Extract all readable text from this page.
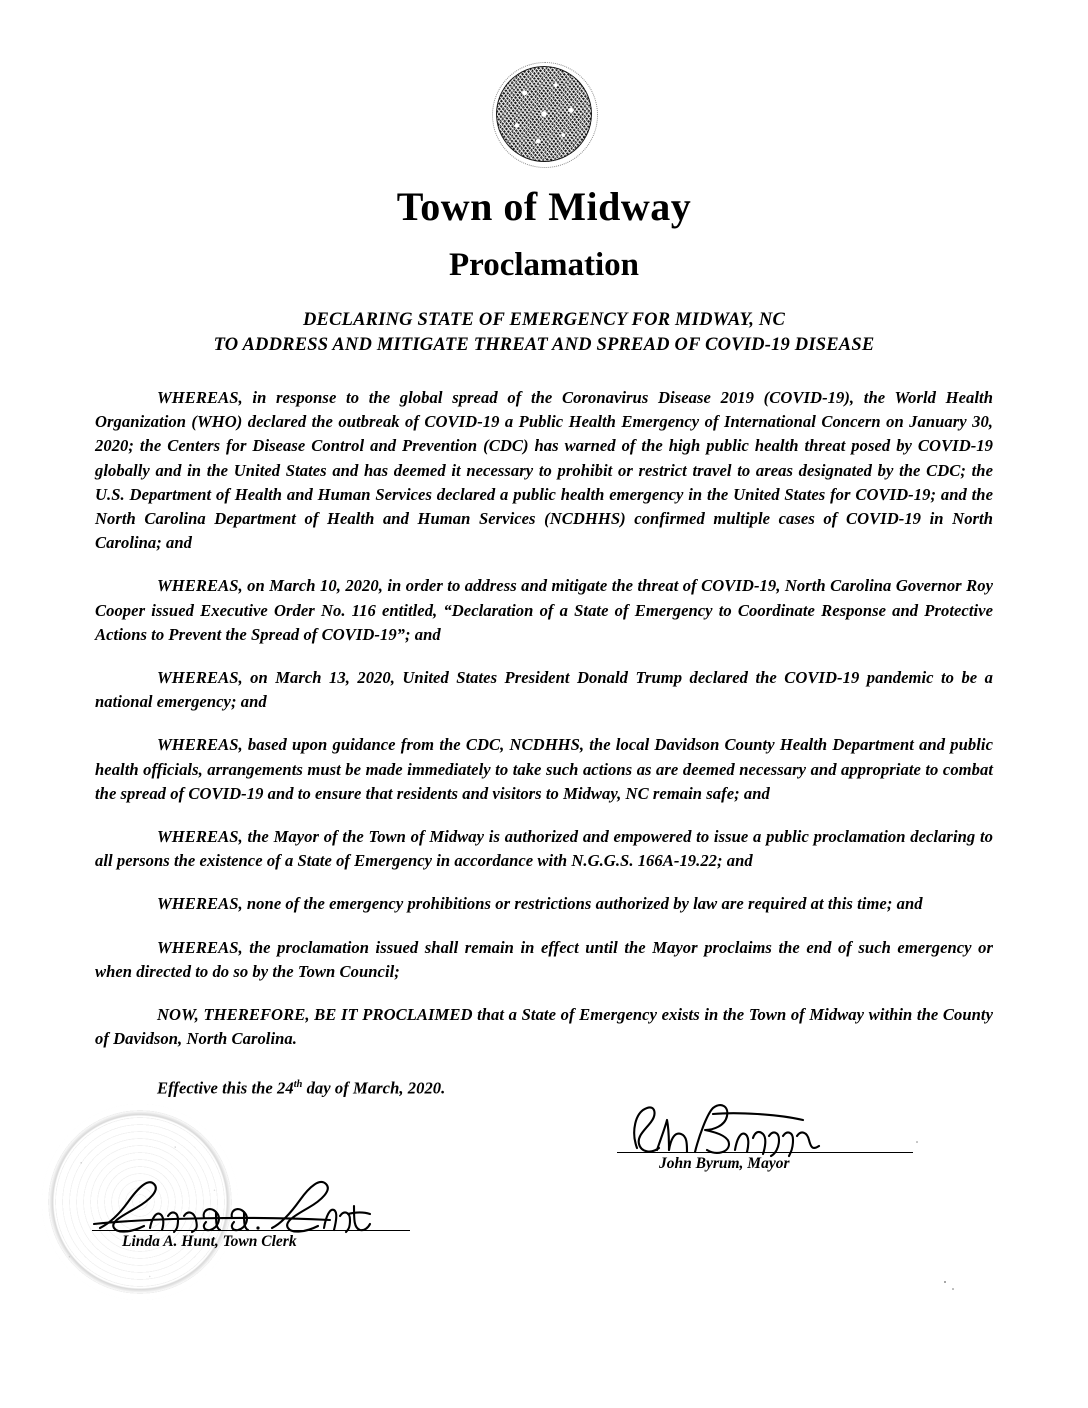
Town of Midway
Proclamation
DECLARING STATE OF EMERGENCY FOR MIDWAY, NC
TO ADDRESS AND MITIGATE THREAT AND SPREAD OF COVID-19 DISEASE

WHEREAS, in response to the global spread of the Coronavirus Disease 2019 (COVID-19), the World Health Organization (WHO) declared the outbreak of COVID-19 a Public Health Emergency of International Concern on January 30, 2020; the Centers for Disease Control and Prevention (CDC) has warned of the high public health threat posed by COVID-19 globally and in the United States and has deemed it necessary to prohibit or restrict travel to areas designated by the CDC; the U.S. Department of Health and Human Services declared a public health emergency in the United States for COVID-19; and the North Carolina Department of Health and Human Services (NCDHHS) confirmed multiple cases of COVID-19 in North Carolina; and

WHEREAS, on March 10, 2020, in order to address and mitigate the threat of COVID-19, North Carolina Governor Roy Cooper issued Executive Order No. 116 entitled, “Declaration of a State of Emergency to Coordinate Response and Protective Actions to Prevent the Spread of COVID-19”; and

WHEREAS, on March 13, 2020, United States President Donald Trump declared the COVID-19 pandemic to be a national emergency; and

WHEREAS, based upon guidance from the CDC, NCDHHS, the local Davidson County Health Department and public health officials, arrangements must be made immediately to take such actions as are deemed necessary and appropriate to combat the spread of COVID-19 and to ensure that residents and visitors to Midway, NC remain safe; and

WHEREAS, the Mayor of the Town of Midway is authorized and empowered to issue a public proclamation declaring to all persons the existence of a State of Emergency in accordance with N.G.G.S. 166A-19.22; and

WHEREAS, none of the emergency prohibitions or restrictions authorized by law are required at this time; and

WHEREAS, the proclamation issued shall remain in effect until the Mayor proclaims the end of such emergency or when directed to do so by the Town Council;

NOW, THEREFORE, BE IT PROCLAIMED that a State of Emergency exists in the Town of Midway within the County of Davidson, North Carolina.

Effective this the 24th day of March, 2020.

John Byrum, Mayor
Linda A. Hunt, Town Clerk
